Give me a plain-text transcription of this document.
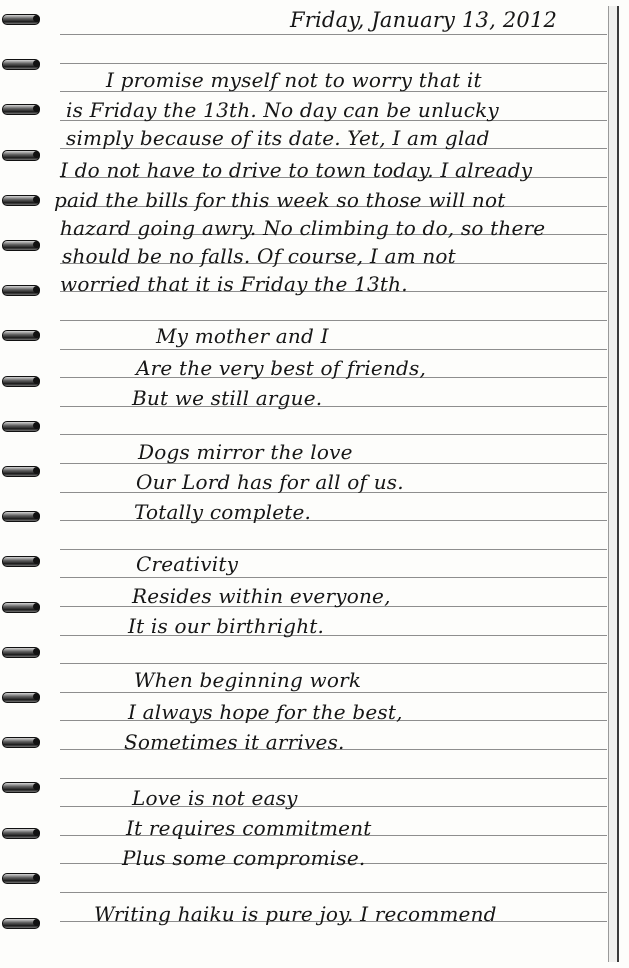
Friday, January 13, 2012
I promise myself not to worry that it
is Friday the 13th. No day can be unlucky
simply because of its date. Yet, I am glad
I do not have to drive to town today. I already
paid the bills for this week so those will not
hazard going awry. No climbing to do, so there
should be no falls. Of course, I am not
worried that it is Friday the 13th.
My mother and I
Are the very best of friends,
But we still argue.
Dogs mirror the love
Our Lord has for all of us.
Totally complete.
Creativity
Resides within everyone,
It is our birthright.
When beginning work
I always hope for the best,
Sometimes it arrives.
Love is not easy
It requires commitment
Plus some compromise.
Writing haiku is pure joy. I recommend
